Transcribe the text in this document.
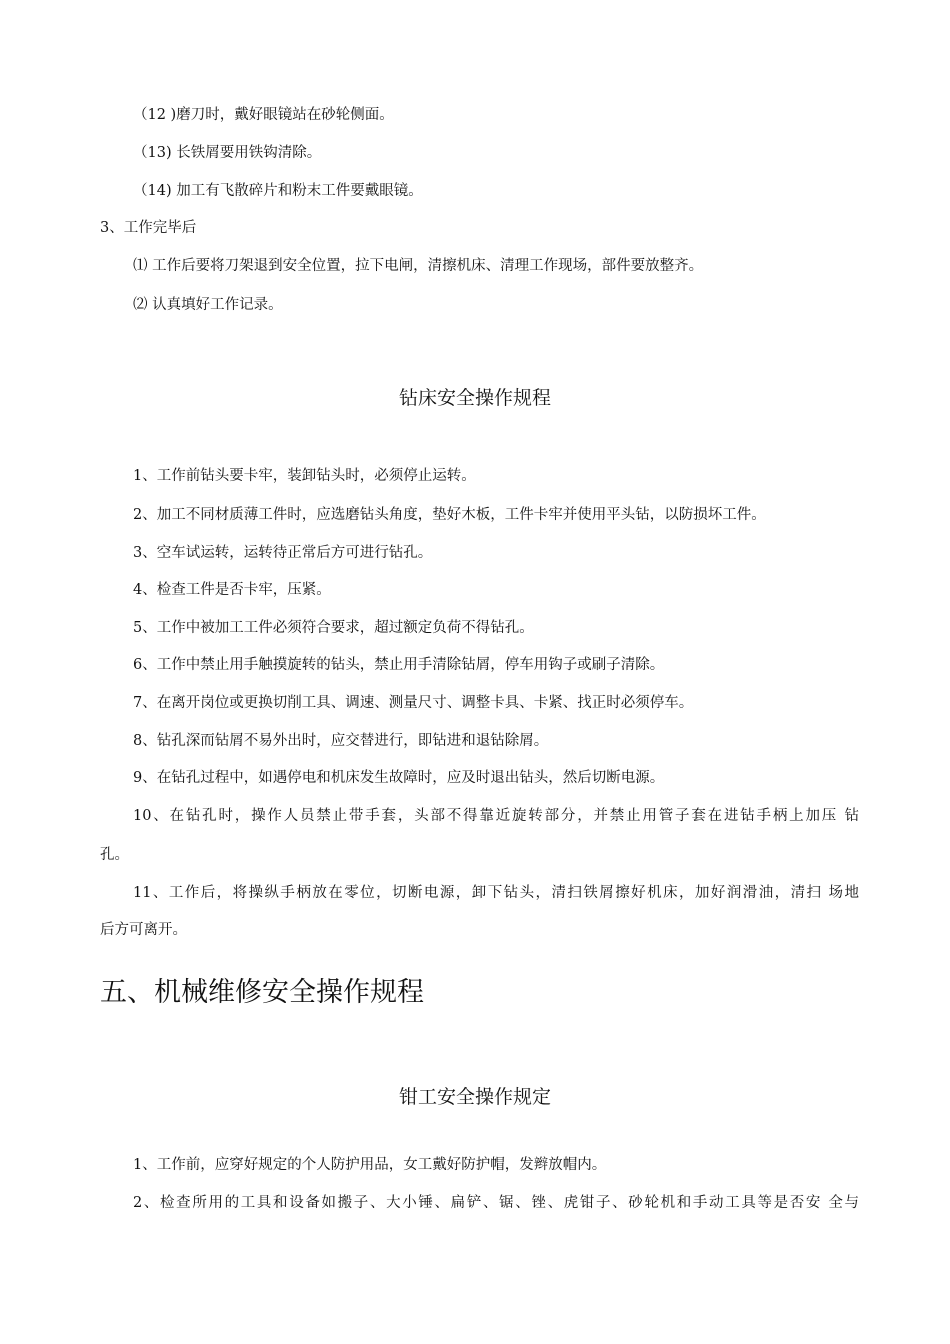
（12 )磨刀时，戴好眼镜站在砂轮侧面。
（13) 长铁屑要用铁钩清除。
（14) 加工有飞散碎片和粉末工件要戴眼镜。
3、工作完毕后
⑴ 工作后要将刀架退到安全位置，拉下电闸，清擦机床、清理工作现场，部件要放整齐。
⑵ 认真填好工作记录。
钻床安全操作规程
1、工作前钻头要卡牢，装卸钻头时，必须停止运转。
2、加工不同材质薄工件时，应选磨钻头角度，垫好木板，工件卡牢并使用平头钻，以防损坏工件。
3、空车试运转，运转待正常后方可进行钻孔。
4、检查工件是否卡牢，压紧。
5、工作中被加工工件必须符合要求，超过额定负荷不得钻孔。
6、工作中禁止用手触摸旋转的钻头，禁止用手清除钻屑，停车用钩子或刷子清除。
7、在离开岗位或更换切削工具、调速、测量尺寸、调整卡具、卡紧、找正时必须停车。
8、钻孔深而钻屑不易外出时，应交替进行，即钻进和退钻除屑。
9、在钻孔过程中，如遇停电和机床发生故障时，应及时退出钻头，然后切断电源。
10、在钻孔时，操作人员禁止带手套，头部不得靠近旋转部分，并禁止用管子套在进钻手柄上加压 钻
孔。
11、工作后，将操纵手柄放在零位，切断电源，卸下钻头，清扫铁屑擦好机床，加好润滑油，清扫 场地
后方可离开。
五、机械维修安全操作规程
钳工安全操作规定
1、工作前，应穿好规定的个人防护用品，女工戴好防护帽，发辫放帽内。
2、检查所用的工具和设备如搬子、大小锤、扁铲、锯、锉、虎钳子、砂轮机和手动工具等是否安 全与
